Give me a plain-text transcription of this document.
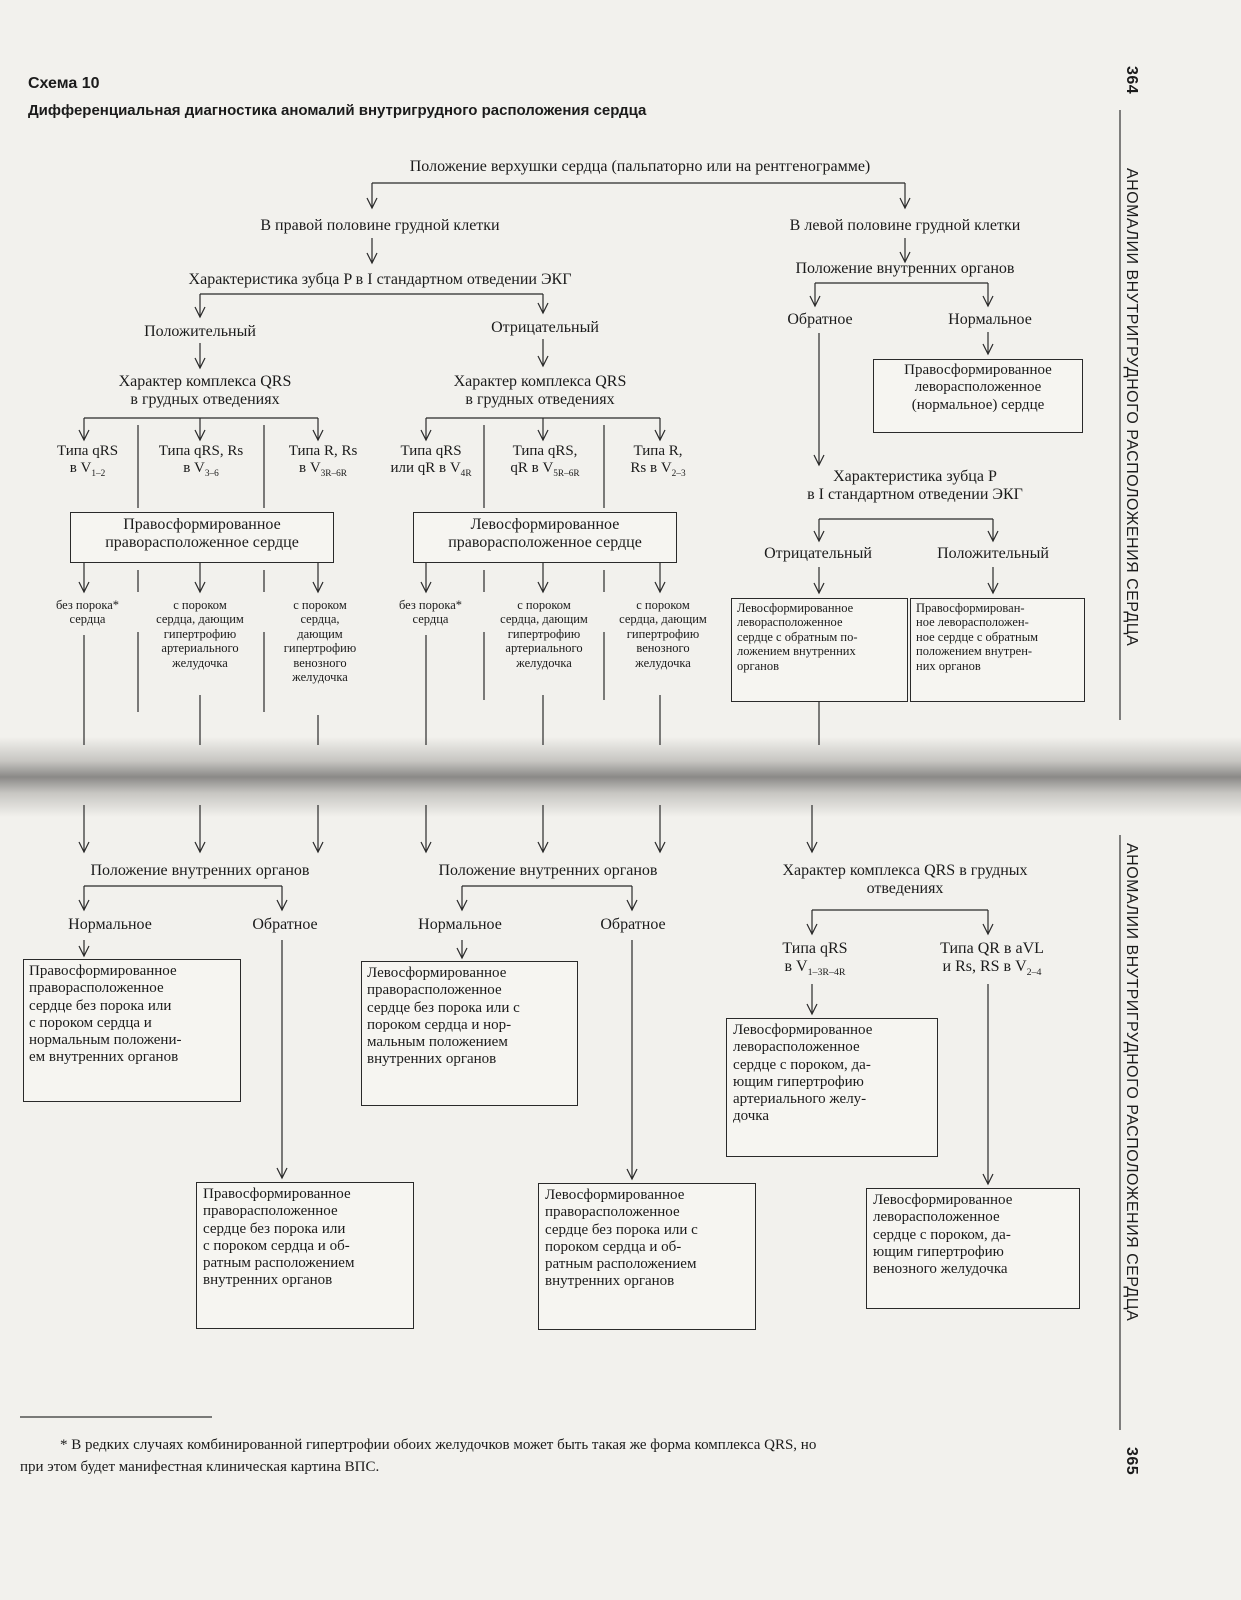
Схема 10
Дифференциальная диагностика аномалий внутригрудного расположения сердца
364
АНОМАЛИИ ВНУТРИГРУДНОГО РАСПОЛОЖЕНИЯ СЕРДЦА
АНОМАЛИИ ВНУТРИГРУДНОГО РАСПОЛОЖЕНИЯ СЕРДЦА
365
Положение верхушки сердца (пальпаторно или на рентгенограмме)
В правой половине грудной клетки	В левой половине грудной клетки
Характеристика зубца P в I стандартном отведении ЭКГ
Положительный	Отрицательный
Характер комплекса QRS
в грудных отведениях
Характер комплекса QRS
в грудных отведениях
Типа qRS
в $V_{1-2}$
Типа qRS, Rs
в $V_{3-6}$
Типа R, Rs
в $V_{3R-6R}$
Типа qRS
или qR в $V_{4R}$
Типа qRS,
qR в $V_{5R-6R}$
Типа R,
Rs в $V_{2-3}$
Правосформированное
праворасположенное сердце
Левосформированное
праворасположенное сердце
без порока*
сердца
с пороком
сердца, дающим
гипертрофию
артериального
желудочка
с пороком
сердца,
дающим
гипертрофию
венозного
желудочка
без порока*
сердца
с пороком
сердца, дающим
гипертрофию
артериального
желудочка
с пороком
сердца, дающим
гипертрофию
венозного
желудочка
Положение внутренних органов
Обратное	Нормальное
Правосформированное
леворасположенное
(нормальное) сердце
Характеристика зубца P
в I стандартном отведении ЭКГ
Отрицательный	Положительный
Левосформированное
леворасположенное
сердце с обратным по-
ложением внутренних
органов
Правосформирован-
ное леворасположен-
ное сердце с обратным
положением внутрен-
них органов
Положение внутренних органов	Положение внутренних органов	Характер комплекса QRS в грудных
отведениях
Нормальное	Обратное	Нормальное	Обратное
Типа qRS
в $V_{1-3R-4R}$
Типа QR в aVL
и Rs, RS в $V_{2-4}$
Правосформированное
праворасположенное
сердце без порока или
с пороком сердца и
нормальным положени-
ем внутренних органов
Левосформированное
праворасположенное
сердце без порока или с
пороком сердца и нор-
мальным положением
внутренних органов
Левосформированное
леворасположенное
сердце с пороком, да-
ющим гипертрофию
артериального желу-
дочка
Правосформированное
праворасположенное
сердце без порока или
с пороком сердца и об-
ратным расположением
внутренних органов
Левосформированное
праворасположенное
сердце без порока или с
пороком сердца и об-
ратным расположением
внутренних органов
Левосформированное
леворасположенное
сердце с пороком, да-
ющим гипертрофию
венозного желудочка
* В редких случаях комбинированной гипертрофии обоих желудочков может быть такая же форма комплекса QRS, но
при этом будет манифестная клиническая картина ВПС.
